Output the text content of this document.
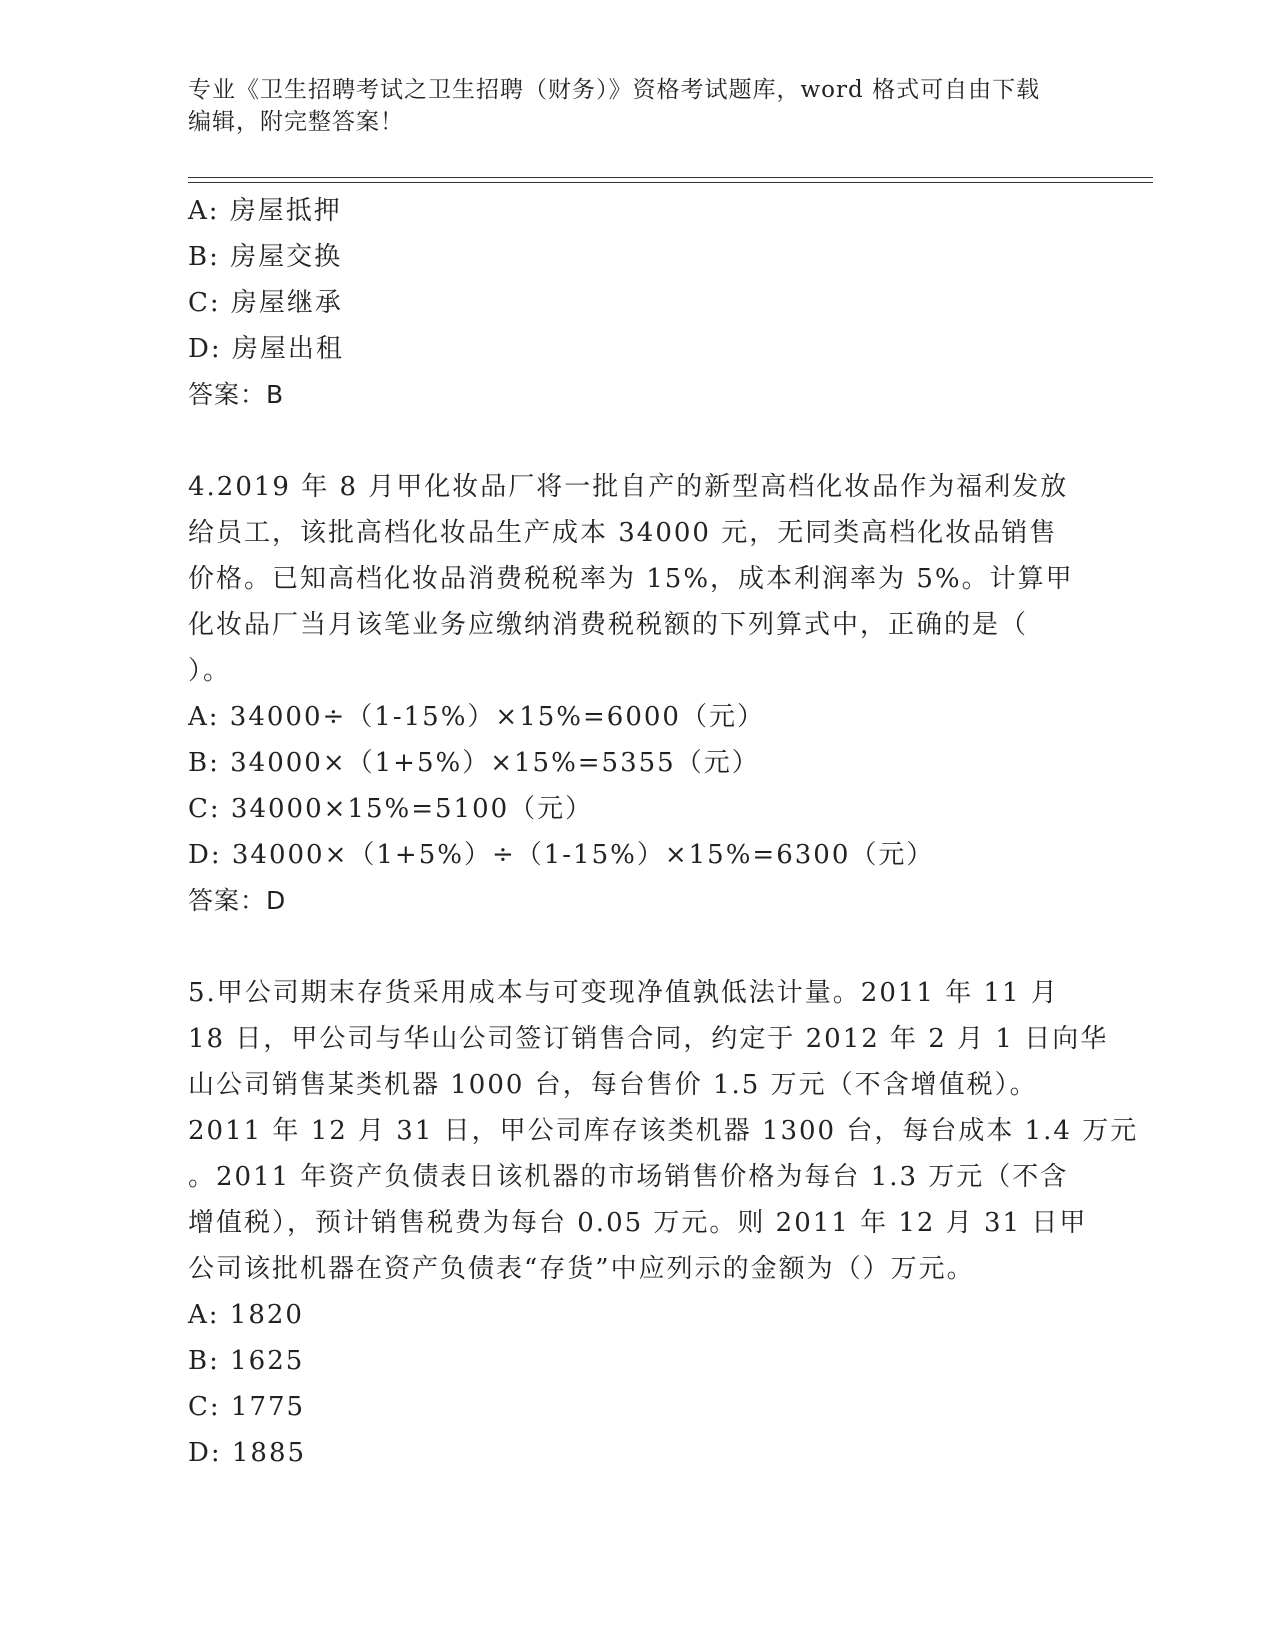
专业《卫生招聘考试之卫生招聘（财务）》资格考试题库，word 格式可自由下载
编辑，附完整答案！
A: 房屋抵押
B: 房屋交换
C: 房屋继承
D: 房屋出租
答案：B
4.2019 年 8 月甲化妆品厂将一批自产的新型高档化妆品作为福利发放
给员工，该批高档化妆品生产成本 34000 元，无同类高档化妆品销售
价格。已知高档化妆品消费税税率为 15%，成本利润率为 5%。计算甲
化妆品厂当月该笔业务应缴纳消费税税额的下列算式中，正确的是（
）。
A: 34000÷（1-15%）×15%=6000（元）
B: 34000×（1+5%）×15%=5355（元）
C: 34000×15%=5100（元）
D: 34000×（1+5%）÷（1-15%）×15%=6300（元）
答案：D
5.甲公司期末存货采用成本与可变现净值孰低法计量。2011 年 11 月
18 日，甲公司与华山公司签订销售合同，约定于 2012 年 2 月 1 日向华
山公司销售某类机器 1000 台，每台售价 1.5 万元（不含增值税）。
2011 年 12 月 31 日，甲公司库存该类机器 1300 台，每台成本 1.4 万元
。2011 年资产负债表日该机器的市场销售价格为每台 1.3 万元（不含
增值税），预计销售税费为每台 0.05 万元。则 2011 年 12 月 31 日甲
公司该批机器在资产负债表“存货”中应列示的金额为（）万元。
A: 1820
B: 1625
C: 1775
D: 1885
